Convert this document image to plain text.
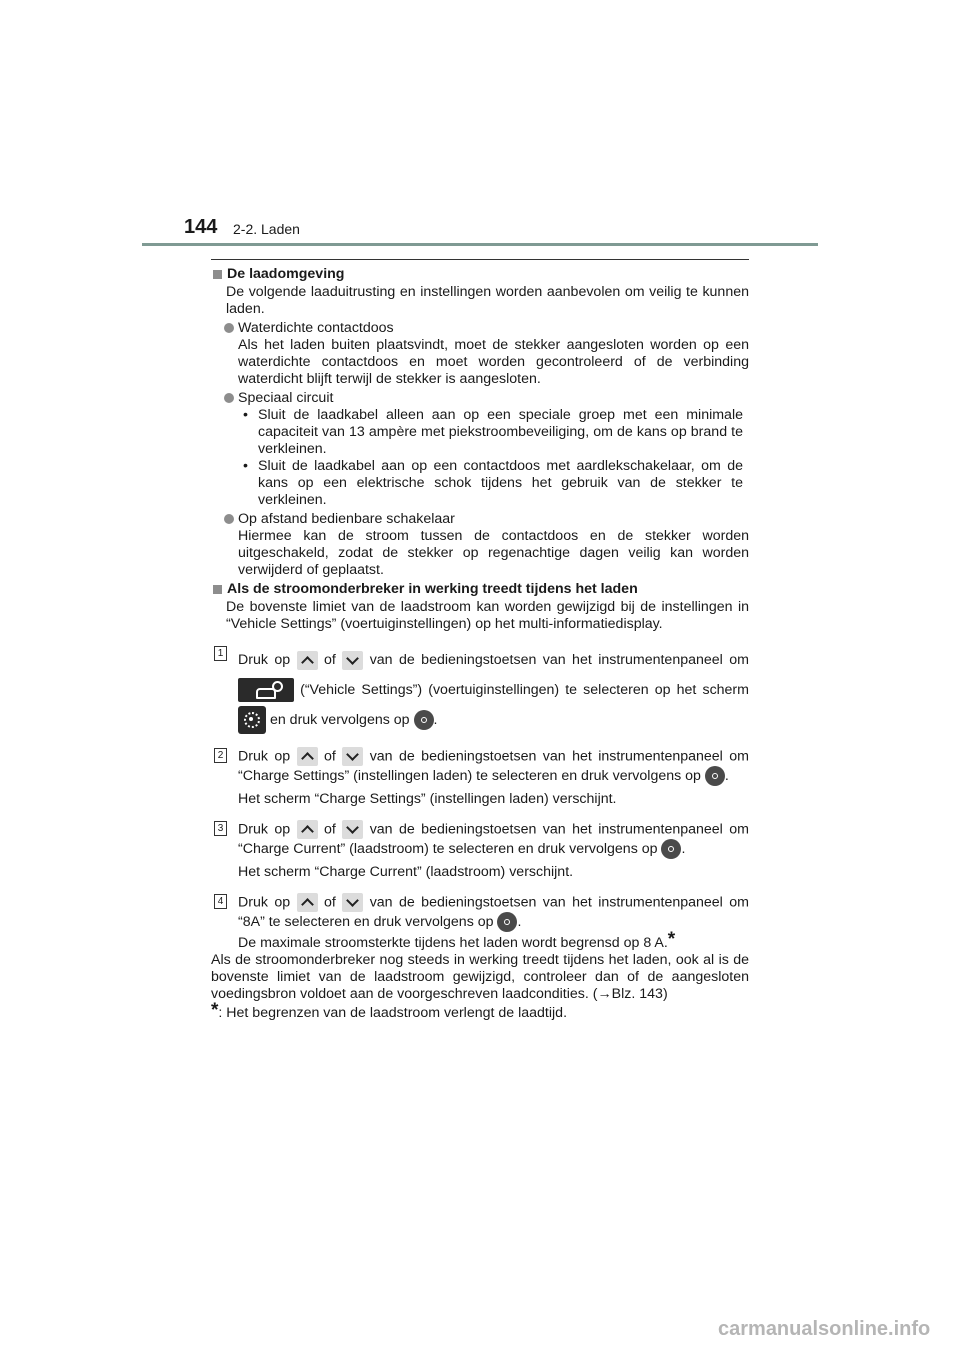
144 2-2. Laden
De laadomgeving

De volgende laaduitrusting en instellingen worden aanbevolen om veilig te kunnen laden.

Waterdichte contactdoos

Als het laden buiten plaatsvindt, moet de stekker aangesloten worden op een waterdichte contactdoos en moet worden gecontroleerd of de verbinding waterdicht blijft terwijl de stekker is aangesloten.

Speciaal circuit
• Sluit de laadkabel alleen aan op een speciale groep met een minimale capaciteit van 13 ampère met piekstroombeveiliging, om de kans op brand te verkleinen.
• Sluit de laadkabel aan op een contactdoos met aardlekschakelaar, om de kans op een elektrische schok tijdens het gebruik van de stekker te verkleinen.
Op afstand bedienbare schakelaar

Hiermee kan de stroom tussen de contactdoos en de stekker worden uitgeschakeld, zodat de stekker op regenachtige dagen veilig kan worden verwijderd of geplaatst.

Als de stroomonderbreker in werking treedt tijdens het laden

De bovenste limiet van de laadstroom kan worden gewijzigd bij de instellingen in “Vehicle Settings” (voertuiginstellingen) op het multi-informatiedisplay.

1 Druk op of van de bedieningstoetsen van het instrumentenpaneel om  (“Vehicle Settings”) (voertuiginstellingen) te selecteren op het scherm  en druk vervolgens op .

2 Druk op of van de bedieningstoetsen van het instrumentenpaneel om “Charge Settings” (instellingen laden) te selecteren en druk vervolgens op .

Het scherm “Charge Settings” (instellingen laden) verschijnt.

3 Druk op of van de bedieningstoetsen van het instrumentenpaneel om “Charge Current” (laadstroom) te selecteren en druk vervolgens op .

Het scherm “Charge Current” (laadstroom) verschijnt.

4 Druk op of van de bedieningstoetsen van het instrumentenpaneel om “8A” te selecteren en druk vervolgens op .

De maximale stroomsterkte tijdens het laden wordt begrensd op 8 A.*

Als de stroomonderbreker nog steeds in werking treedt tijdens het laden, ook al is de bovenste limiet van de laadstroom gewijzigd, controleer dan of de aangesloten voedingsbron voldoet aan de voorgeschreven laadcondities. (→Blz. 143)

*: Het begrenzen van de laadstroom verlengt de laadtijd.

carmanualsonline.info
